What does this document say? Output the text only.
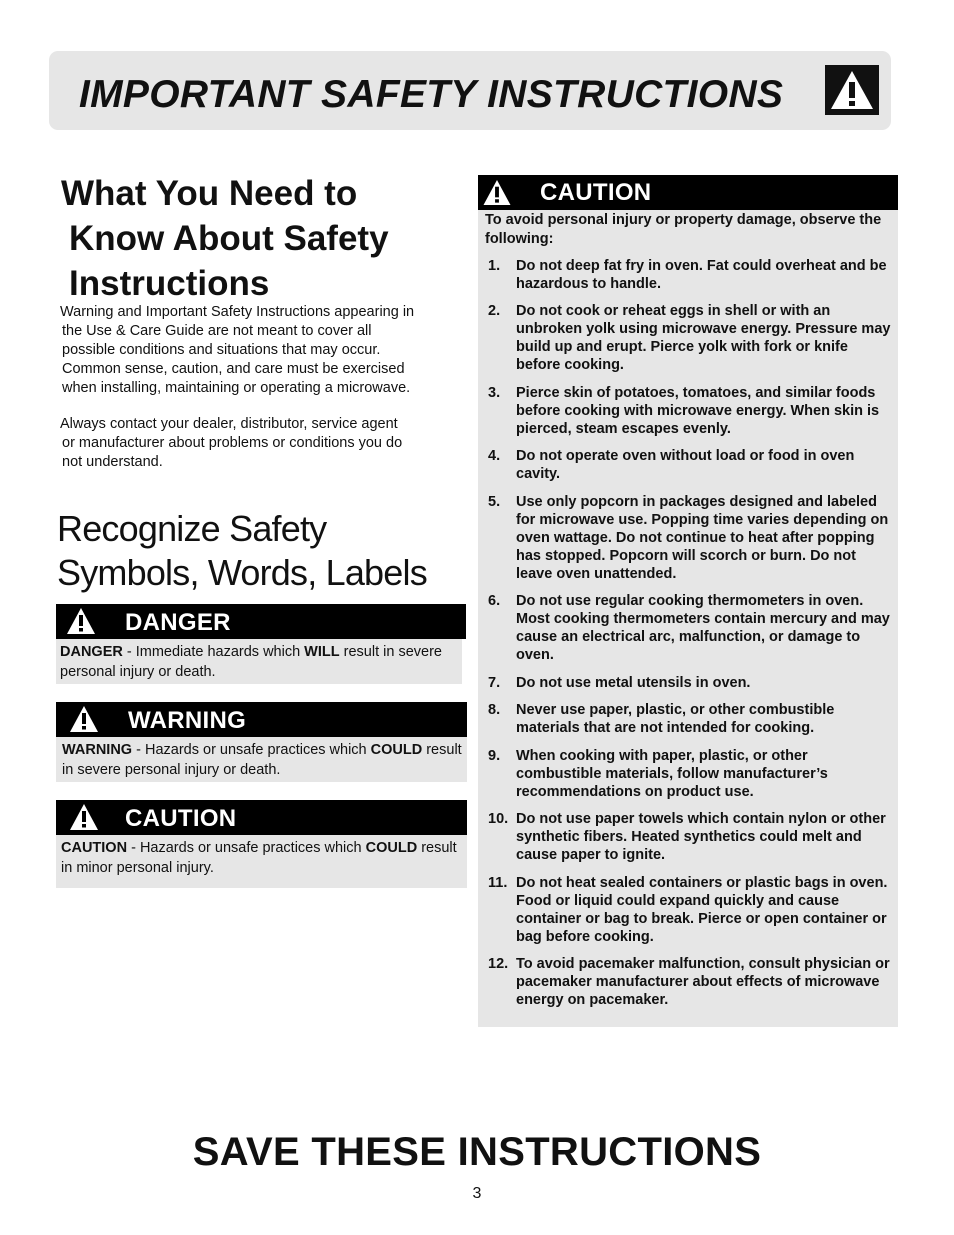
IMPORTANT SAFETY INSTRUCTIONS
What You Need to
Know About Safety
Instructions
Warning and Important Safety Instructions appearing in
the Use & Care Guide are not meant to cover all
possible conditions and situations that may occur.
Common sense, caution, and care must be exercised
when installing, maintaining or operating a microwave.
Always contact your dealer, distributor, service agent
or manufacturer about problems or conditions you do
not understand.
Recognize Safety
Symbols, Words, Labels
DANGER
DANGER - Immediate hazards which WILL result in severe personal injury or death.
WARNING
WARNING - Hazards or unsafe practices which COULD result in severe personal injury or death.
CAUTION
CAUTION - Hazards or unsafe practices which COULD result in minor personal injury.
CAUTION
To avoid personal injury or property damage, observe the following:
1. Do not deep fat fry in oven. Fat could overheat and be hazardous to handle.
2. Do not cook or reheat eggs in shell or with an unbroken yolk using microwave energy. Pressure may build up and erupt. Pierce yolk with fork or knife before cooking.
3. Pierce skin of potatoes, tomatoes, and similar foods before cooking with microwave energy. When skin is pierced, steam escapes evenly.
4. Do not operate oven without load or food in oven cavity.
5. Use only popcorn in packages designed and labeled for microwave use. Popping time varies depending on oven wattage. Do not continue to heat after popping has stopped. Popcorn will scorch or burn. Do not leave oven unattended.
6. Do not use regular cooking thermometers in oven. Most cooking thermometers contain mercury and may cause an electrical arc, malfunction, or damage to oven.
7. Do not use metal utensils in oven.
8. Never use paper, plastic, or other combustible materials that are not intended for cooking.
9. When cooking with paper, plastic, or other combustible materials, follow manufacturer’s recommendations on product use.
10. Do not use paper towels which contain nylon or other synthetic fibers. Heated synthetics could melt and cause paper to ignite.
11. Do not heat sealed containers or plastic bags in oven. Food or liquid could expand quickly and cause container or bag to break. Pierce or open container or bag before cooking.
12. To avoid pacemaker malfunction, consult physician or pacemaker manufacturer about effects of microwave energy on pacemaker.
SAVE THESE INSTRUCTIONS
3
